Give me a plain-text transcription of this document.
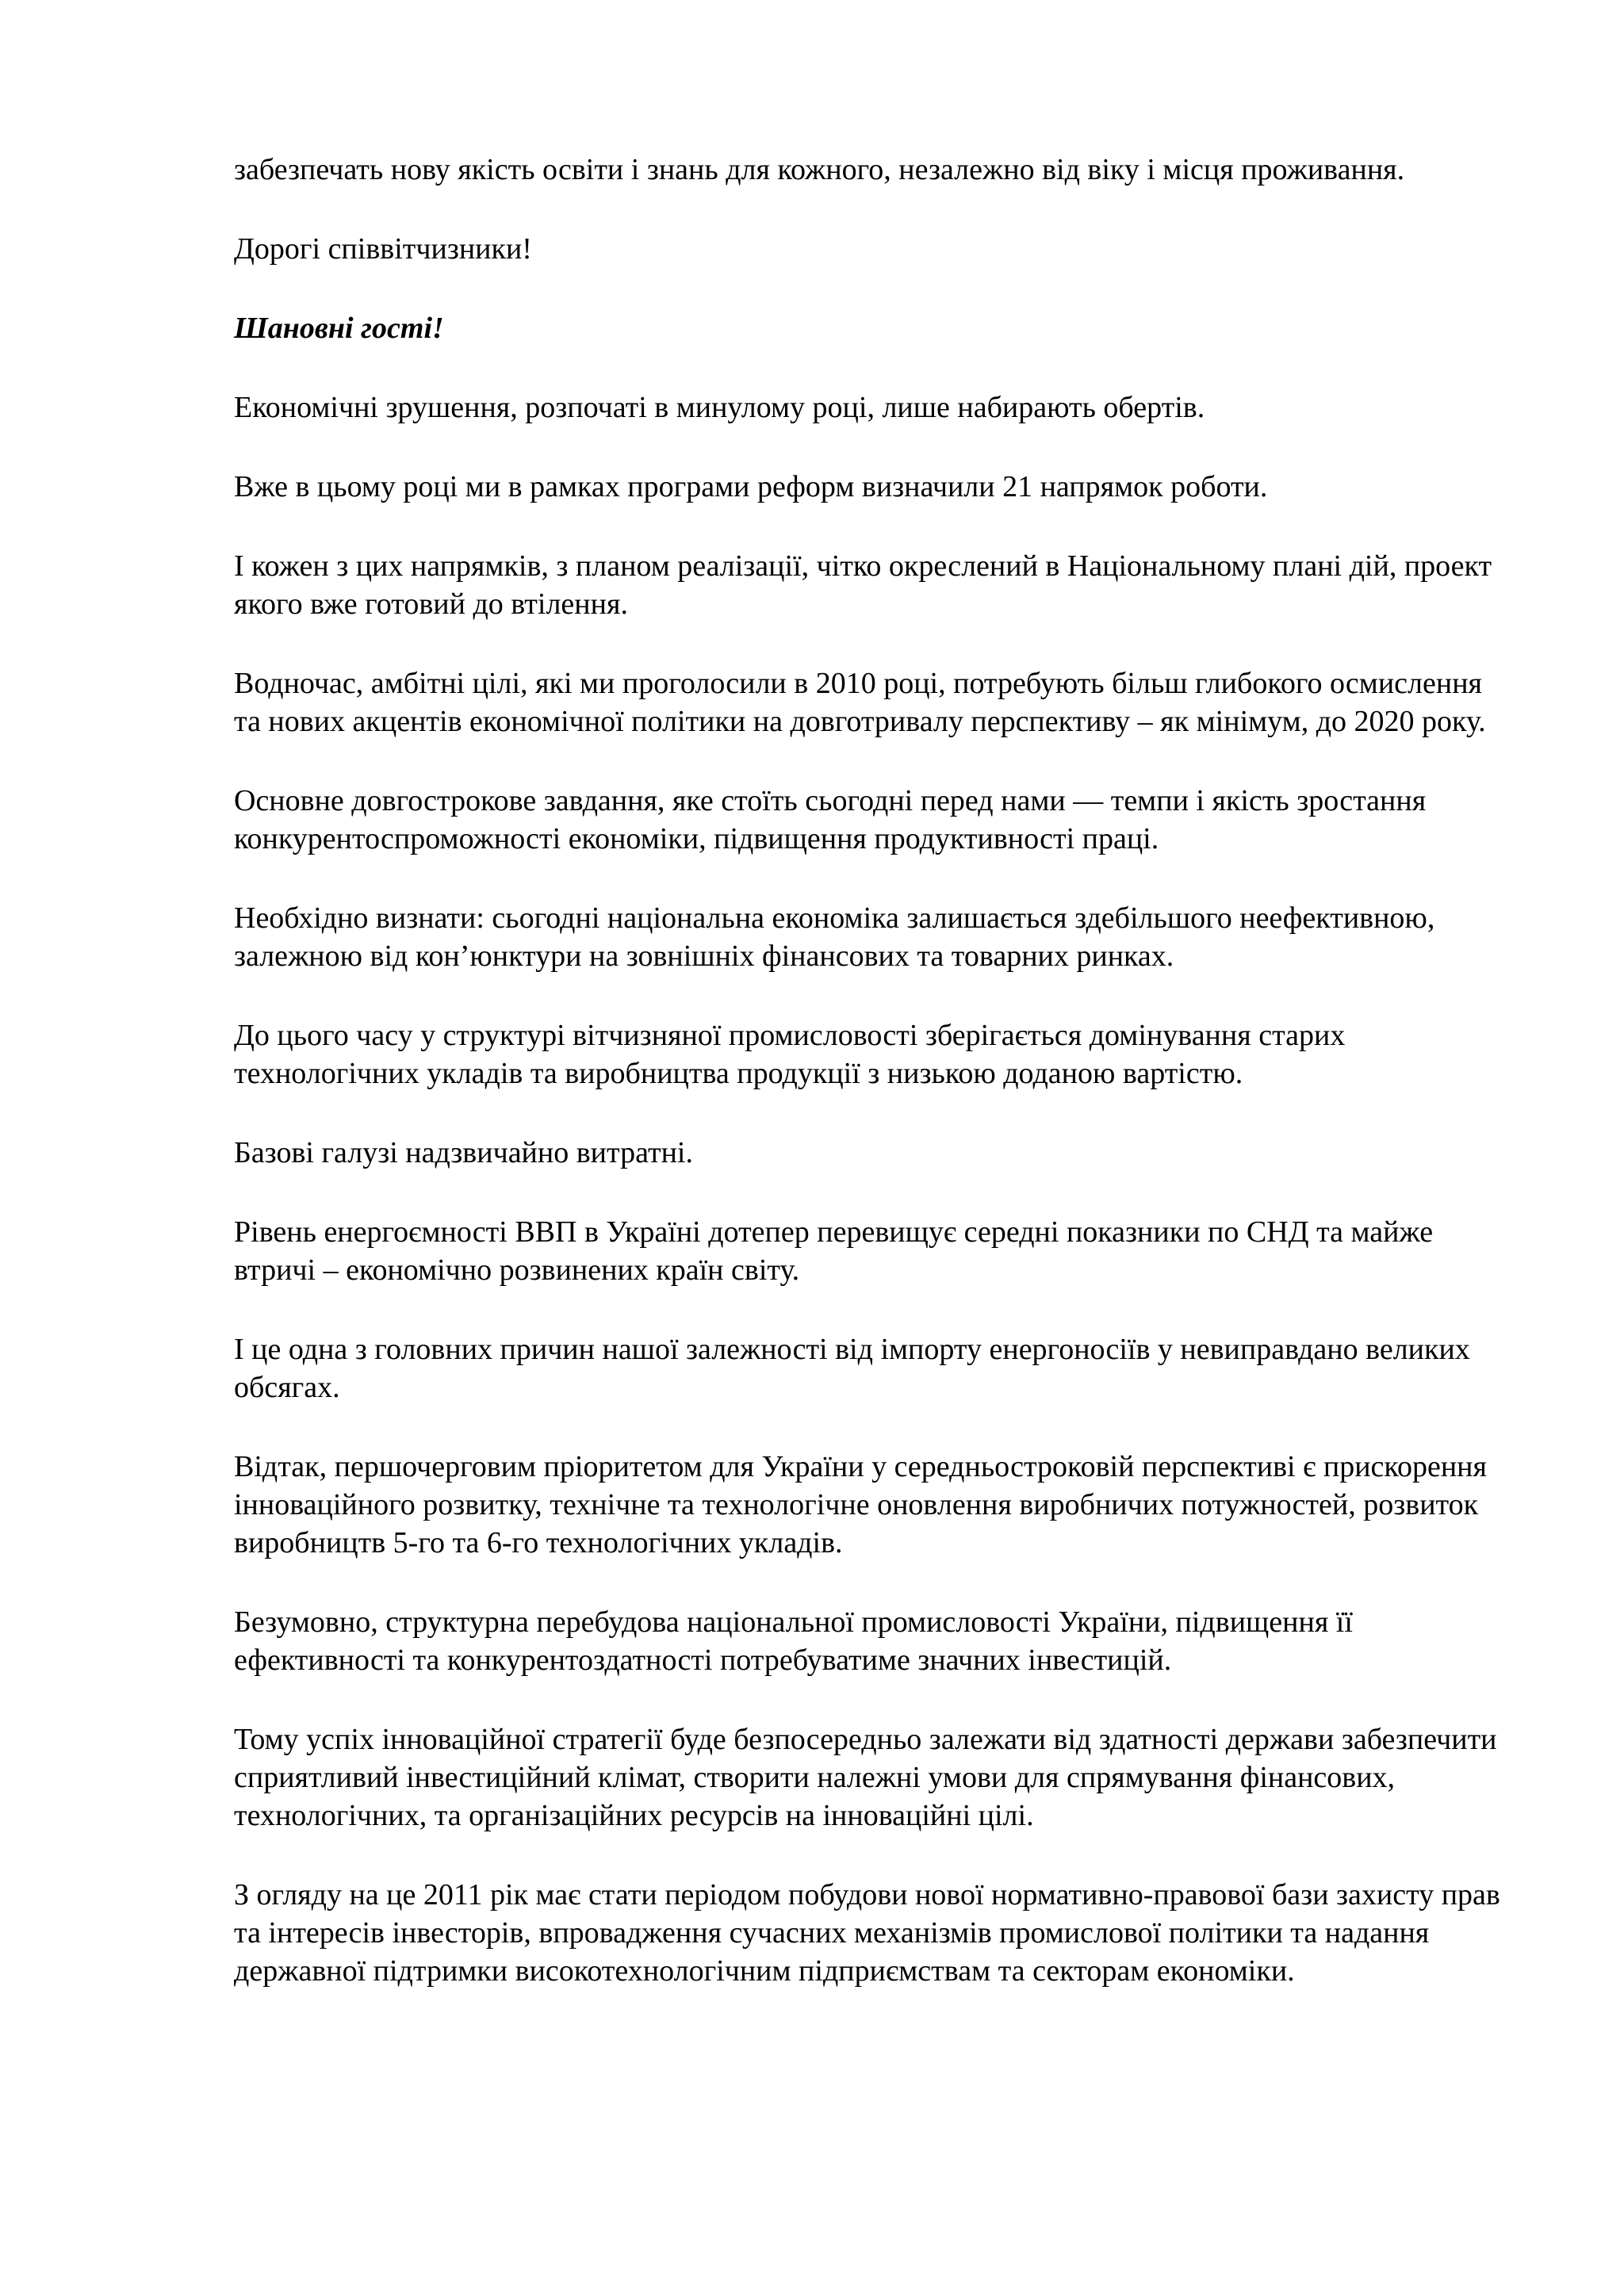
забезпечать нову якість освіти і знань для кожного, незалежно від віку і місця проживання.

Дорогі співвітчизники!

Шановні гості!

Економічні зрушення, розпочаті в минулому році, лише набирають обертів.

Вже в цьому році ми в рамках програми реформ визначили 21 напрямок роботи.

І кожен з цих напрямків, з планом реалізації, чітко окреслений в Національному плані дій, проект якого вже готовий до втілення.

Водночас, амбітні цілі, які ми проголосили в 2010 році, потребують більш глибокого осмислення та нових акцентів економічної політики на довготривалу перспективу – як мінімум, до 2020 року.

Основне довгострокове завдання, яке стоїть сьогодні перед нами — темпи і якість зростання конкурентоспроможності економіки, підвищення продуктивності праці.

Необхідно визнати: сьогодні національна економіка залишається здебільшого неефективною, залежною від кон’юнктури на зовнішніх фінансових та товарних ринках.

До цього часу у структурі вітчизняної промисловості зберігається домінування старих технологічних укладів та виробництва продукції з низькою доданою вартістю.

Базові галузі надзвичайно витратні.

Рівень енергоємності ВВП в Україні дотепер перевищує середні показники по СНД та майже втричі – економічно розвинених країн світу.

І це одна з головних причин нашої залежності від імпорту енергоносіїв у невиправдано великих обсягах.

Відтак, першочерговим пріоритетом для України у середньостроковій перспективі є прискорення інноваційного розвитку, технічне та технологічне оновлення виробничих потужностей, розвиток виробництв 5-го та 6-го технологічних укладів.

Безумовно, структурна перебудова національної промисловості України, підвищення її ефективності та конкурентоздатності потребуватиме значних інвестицій.

Тому успіх інноваційної стратегії буде безпосередньо залежати від здатності держави забезпечити сприятливий інвестиційний клімат, створити належні умови для спрямування фінансових, технологічних, та організаційних ресурсів на інноваційні цілі.

З огляду на це 2011 рік має стати періодом побудови нової нормативно-правової бази захисту прав та інтересів інвесторів, впровадження сучасних механізмів промислової політики та надання державної підтримки високотехнологічним підприємствам та секторам економіки.
